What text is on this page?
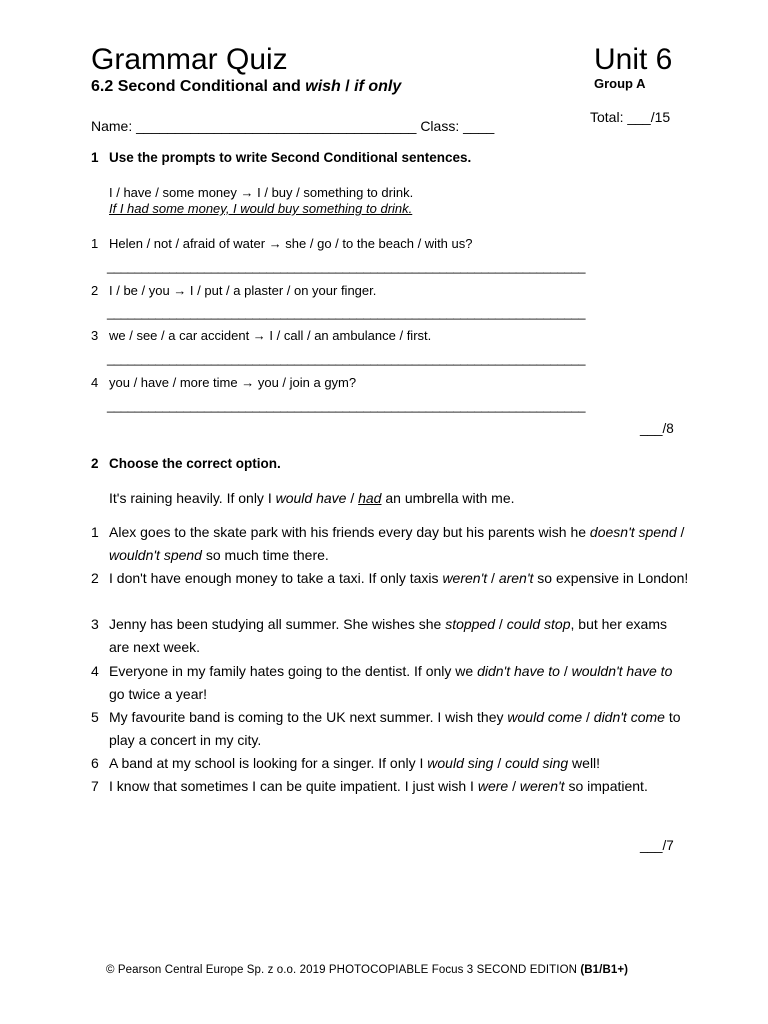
Grammar Quiz	Unit 6
6.2 Second Conditional and wish / if only	Group A
Total: ___/15
Name: ____________________________________ Class: ____
1 Use the prompts to write Second Conditional sentences.
I / have / some money → I / buy / something to drink.
If I had some money, I would buy something to drink.
1 Helen / not / afraid of water → she / go / to the beach / with us?
_____________________________________________________________________
2 I / be / you → I / put / a plaster / on your finger.
_____________________________________________________________________
3 we / see / a car accident → I / call / an ambulance / first.
_____________________________________________________________________
4 you / have / more time → you / join a gym?
_____________________________________________________________________
___/8
2 Choose the correct option.
It's raining heavily. If only I would have / had an umbrella with me.
1 Alex goes to the skate park with his friends every day but his parents wish he doesn't spend / wouldn't spend so much time there.
2 I don't have enough money to take a taxi. If only taxis weren't / aren't so expensive in London!
3 Jenny has been studying all summer. She wishes she stopped / could stop, but her exams are next week.
4 Everyone in my family hates going to the dentist. If only we didn't have to / wouldn't have to go twice a year!
5 My favourite band is coming to the UK next summer. I wish they would come / didn't come to play a concert in my city.
6 A band at my school is looking for a singer. If only I would sing / could sing well!
7 I know that sometimes I can be quite impatient. I just wish I were / weren't so impatient.
___/7
© Pearson Central Europe Sp. z o.o. 2019 PHOTOCOPIABLE Focus 3 SECOND EDITION (B1/B1+)
